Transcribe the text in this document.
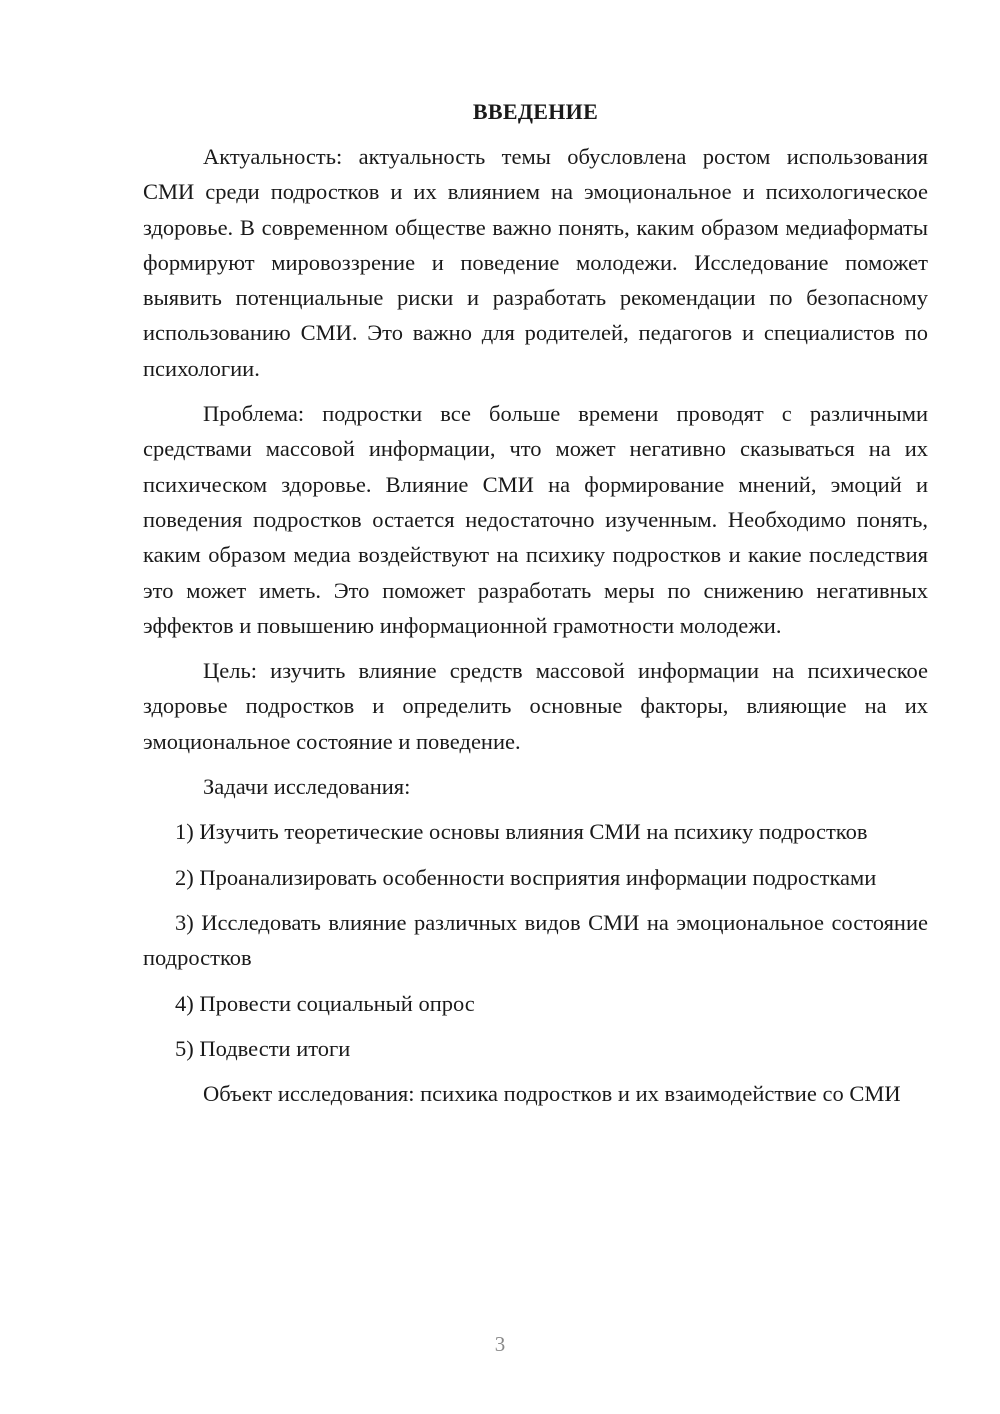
ВВЕДЕНИЕ

Актуальность: актуальность темы обусловлена ростом использования СМИ среди подростков и их влиянием на эмоциональное и психологическое здоровье. В современном обществе важно понять, каким образом медиаформаты формируют мировоззрение и поведение молодежи. Исследование поможет выявить потенциальные риски и разработать рекомендации по безопасному использованию СМИ. Это важно для родителей, педагогов и специалистов по психологии.

Проблема: подростки все больше времени проводят с различными средствами массовой информации, что может негативно сказываться на их психическом здоровье. Влияние СМИ на формирование мнений, эмоций и поведения подростков остается недостаточно изученным. Необходимо понять, каким образом медиа воздействуют на психику подростков и какие последствия это может иметь. Это поможет разработать меры по снижению негативных эффектов и повышению информационной грамотности молодежи.

Цель: изучить влияние средств массовой информации на психическое здоровье подростков и определить основные факторы, влияющие на их эмоциональное состояние и поведение.

Задачи исследования:

1) Изучить теоретические основы влияния СМИ на психику подростков

2) Проанализировать особенности восприятия информации подростками

3) Исследовать влияние различных видов СМИ на эмоциональное состояние подростков

4) Провести социальный опрос

5) Подвести итоги

Объект исследования: психика подростков и их взаимодействие со СМИ

3
